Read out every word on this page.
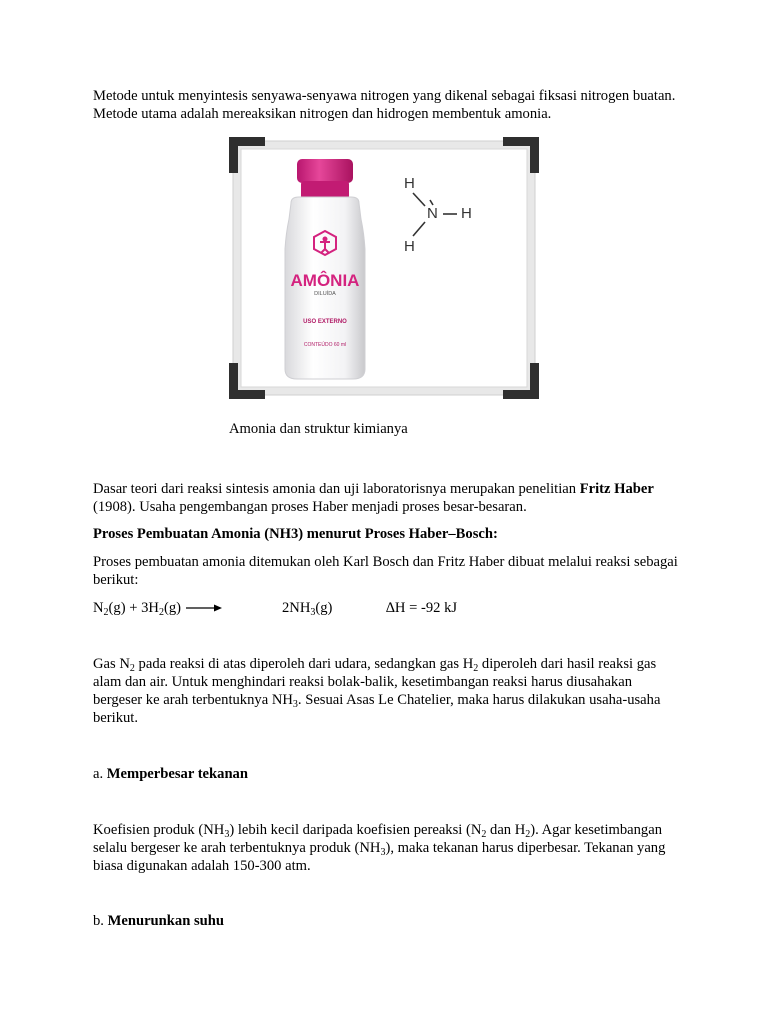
Metode untuk menyintesis senyawa-senyawa nitrogen yang dikenal sebagai fiksasi nitrogen buatan. Metode utama adalah mereaksikan nitrogen dan hidrogen membentuk amonia.

AMÔNIA
DILUÍDA
USO EXTERNO
CONTEÚDO 60 ml
H
N H
H
Amonia dan struktur kimianya

Dasar teori dari reaksi sintesis amonia dan uji laboratorisnya merupakan penelitian Fritz Haber (1908). Usaha pengembangan proses Haber menjadi proses besar-besaran.

Proses Pembuatan Amonia (NH3) menurut Proses Haber–Bosch:

Proses pembuatan amonia ditemukan oleh Karl Bosch dan Fritz Haber dibuat melalui reaksi sebagai berikut:

$N_2(g) + 3H_2(g)$ →	$2NH_3(g)$	∆H = -92 kJ

Gas $N_2$ pada reaksi di atas diperoleh dari udara, sedangkan gas $H_2$ diperoleh dari hasil reaksi gas alam dan air. Untuk menghindari reaksi bolak-balik, kesetimbangan reaksi harus diusahakan bergeser ke arah terbentuknya $NH_3$. Sesuai Asas Le Chatelier, maka harus dilakukan usaha-usaha berikut.

a. Memperbesar tekanan

Koefisien produk $(NH_3)$ lebih kecil daripada koefisien pereaksi ($N_2$ dan $H_2$). Agar kesetimbangan selalu bergeser ke arah terbentuknya produk $(NH_3)$, maka tekanan harus diperbesar. Tekanan yang biasa digunakan adalah 150-300 atm.

b. Menurunkan suhu
